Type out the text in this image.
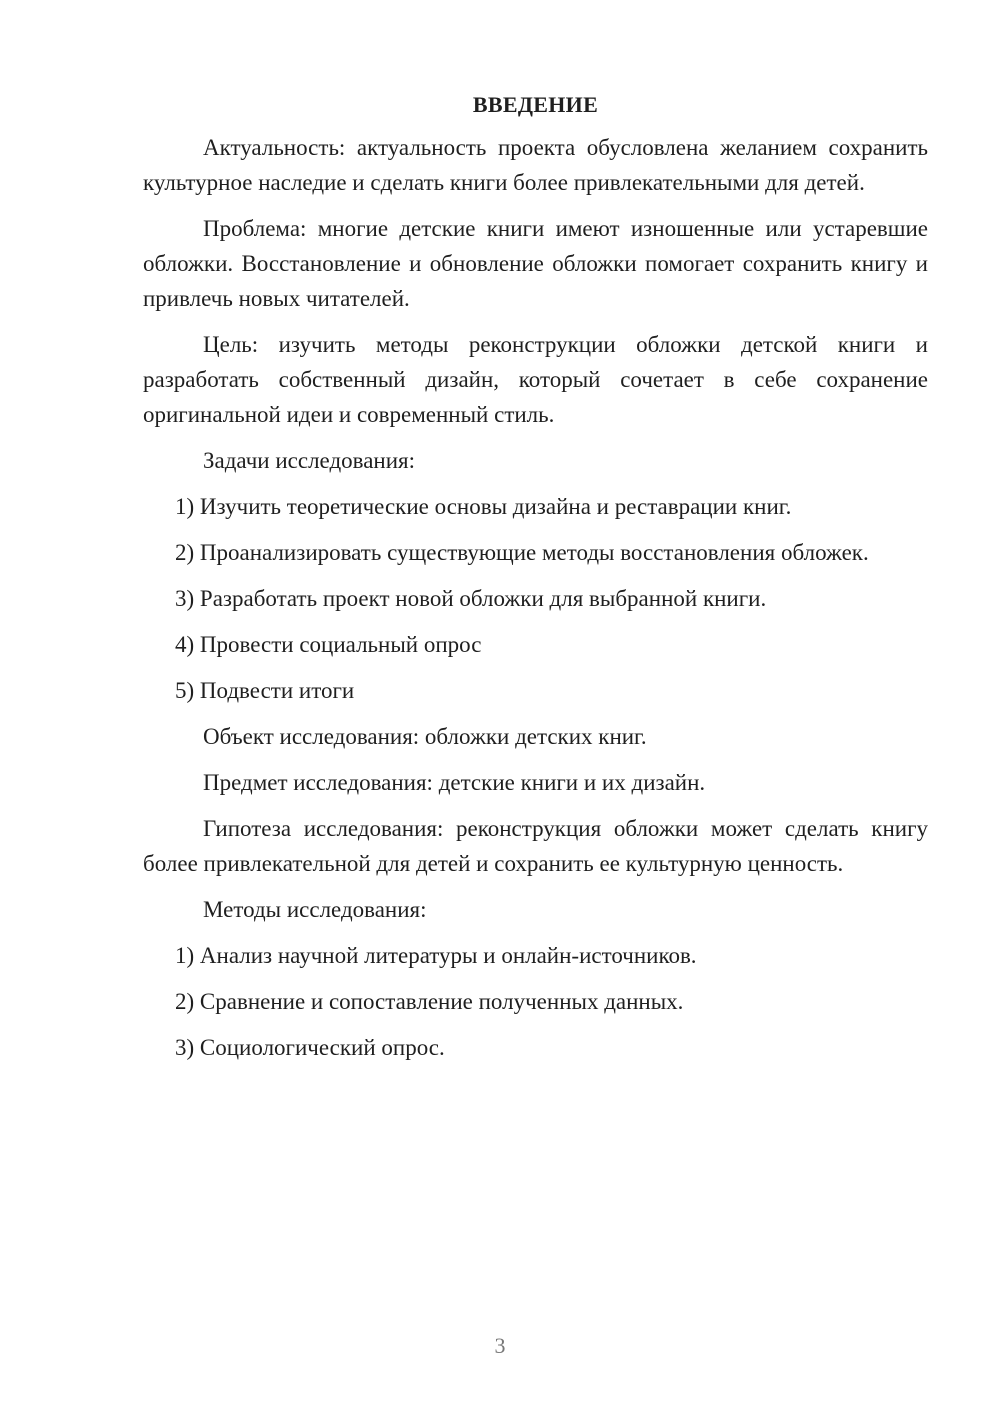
ВВЕДЕНИЕ

Актуальность: актуальность проекта обусловлена желанием сохранить культурное наследие и сделать книги более привлекательными для детей.

Проблема: многие детские книги имеют изношенные или устаревшие обложки. Восстановление и обновление обложки помогает сохранить книгу и привлечь новых читателей.

Цель: изучить методы реконструкции обложки детской книги и разработать собственный дизайн, который сочетает в себе сохранение оригинальной идеи и современный стиль.

Задачи исследования:

1) Изучить теоретические основы дизайна и реставрации книг.

2) Проанализировать существующие методы восстановления обложек.

3) Разработать проект новой обложки для выбранной книги.

4) Провести социальный опрос

5) Подвести итоги

Объект исследования: обложки детских книг.

Предмет исследования: детские книги и их дизайн.

Гипотеза исследования: реконструкция обложки может сделать книгу более привлекательной для детей и сохранить ее культурную ценность.

Методы исследования:

1) Анализ научной литературы и онлайн-источников.

2) Сравнение и сопоставление полученных данных.

3) Социологический опрос.

3
